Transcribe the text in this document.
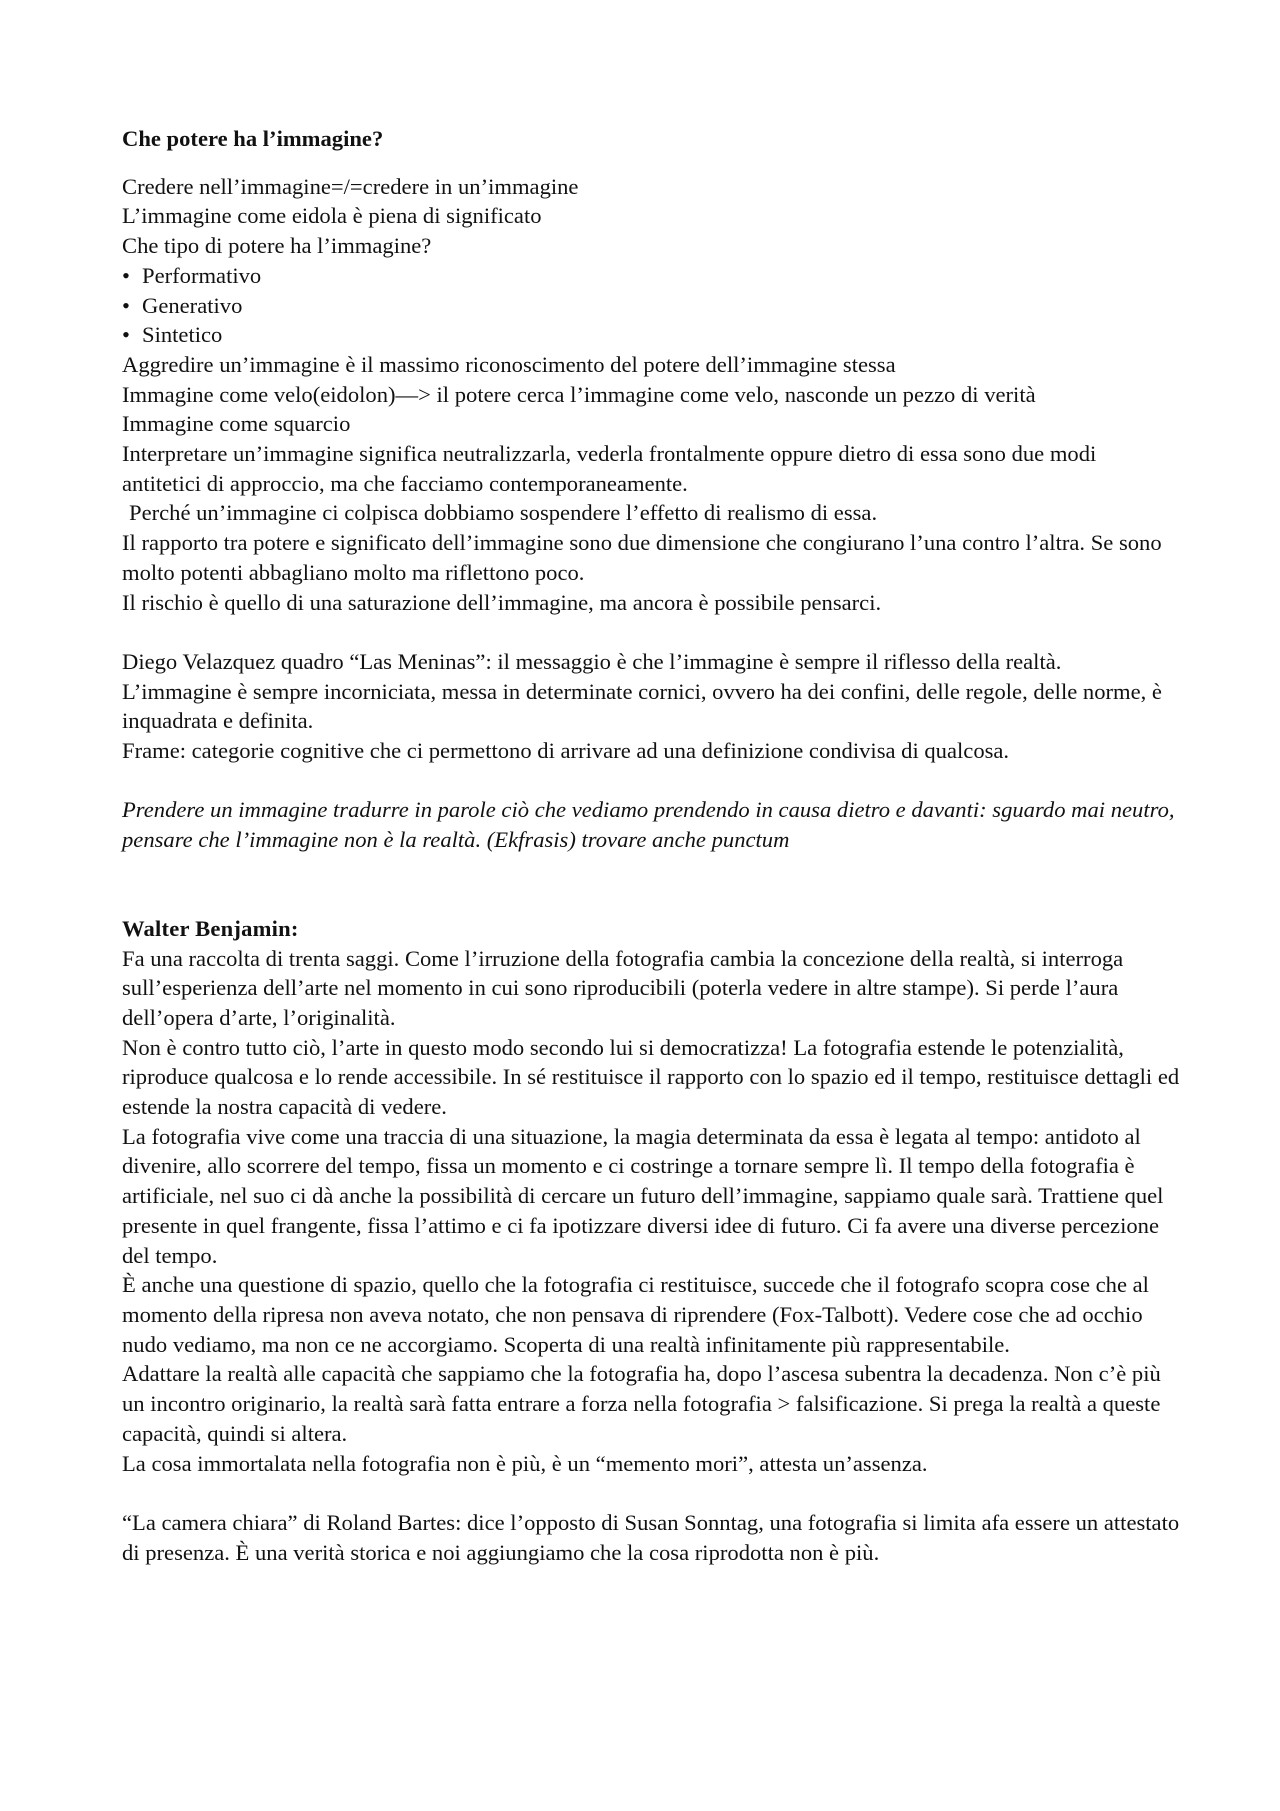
Che potere ha l’immagine?

Credere nell’immagine=/=credere in un’immagine

L’immagine come eidola è piena di significato

Che tipo di potere ha l’immagine?

• Performativo
• Generativo
• Sintetico

Aggredire un’immagine è il massimo riconoscimento del potere dell’immagine stessa

Immagine come velo(eidolon)—> il potere cerca l’immagine come velo, nasconde un pezzo di verità

Immagine come squarcio

Interpretare un’immagine significa neutralizzarla, vederla frontalmente oppure dietro di essa sono due modi antitetici di approccio, ma che facciamo contemporaneamente.

Perché un’immagine ci colpisca dobbiamo sospendere l’effetto di realismo di essa.

Il rapporto tra potere e significato dell’immagine sono due dimensione che congiurano l’una contro l’altra. Se sono molto potenti abbagliano molto ma riflettono poco.

Il rischio è quello di una saturazione dell’immagine, ma ancora è possibile pensarci.

Diego Velazquez quadro “Las Meninas”: il messaggio è che l’immagine è sempre il riflesso della realtà.

L’immagine è sempre incorniciata, messa in determinate cornici, ovvero ha dei confini, delle regole, delle norme, è inquadrata e definita.

Frame: categorie cognitive che ci permettono di arrivare ad una definizione condivisa di qualcosa.

Prendere un immagine tradurre in parole ciò che vediamo prendendo in causa dietro e davanti: sguardo mai neutro, pensare che l’immagine non è la realtà. (Ekfrasis) trovare anche punctum

Walter Benjamin:

Fa una raccolta di trenta saggi. Come l’irruzione della fotografia cambia la concezione della realtà, si interroga sull’esperienza dell’arte nel momento in cui sono riproducibili (poterla vedere in altre stampe). Si perde l’aura dell’opera d’arte, l’originalità.

Non è contro tutto ciò, l’arte in questo modo secondo lui si democratizza! La fotografia estende le potenzialità, riproduce qualcosa e lo rende accessibile. In sé restituisce il rapporto con lo spazio ed il tempo, restituisce dettagli ed estende la nostra capacità di vedere.

La fotografia vive come una traccia di una situazione, la magia determinata da essa è legata al tempo: antidoto al divenire, allo scorrere del tempo, fissa un momento e ci costringe a tornare sempre lì. Il tempo della fotografia è artificiale, nel suo ci dà anche la possibilità di cercare un futuro dell’immagine, sappiamo quale sarà. Trattiene quel presente in quel frangente, fissa l’attimo e ci fa ipotizzare diversi idee di futuro. Ci fa avere una diverse percezione del tempo.

È anche una questione di spazio, quello che la fotografia ci restituisce, succede che il fotografo scopra cose che al momento della ripresa non aveva notato, che non pensava di riprendere (Fox-Talbott). Vedere cose che ad occhio nudo vediamo, ma non ce ne accorgiamo. Scoperta di una realtà infinitamente più rappresentabile.

Adattare la realtà alle capacità che sappiamo che la fotografia ha, dopo l’ascesa subentra la decadenza. Non c’è più un incontro originario, la realtà sarà fatta entrare a forza nella fotografia > falsificazione. Si prega la realtà a queste capacità, quindi si altera.

La cosa immortalata nella fotografia non è più, è un “memento mori”, attesta un’assenza.

“La camera chiara” di Roland Bartes: dice l’opposto di Susan Sonntag, una fotografia si limita afa essere un attestato di presenza. È una verità storica e noi aggiungiamo che la cosa riprodotta non è più.
